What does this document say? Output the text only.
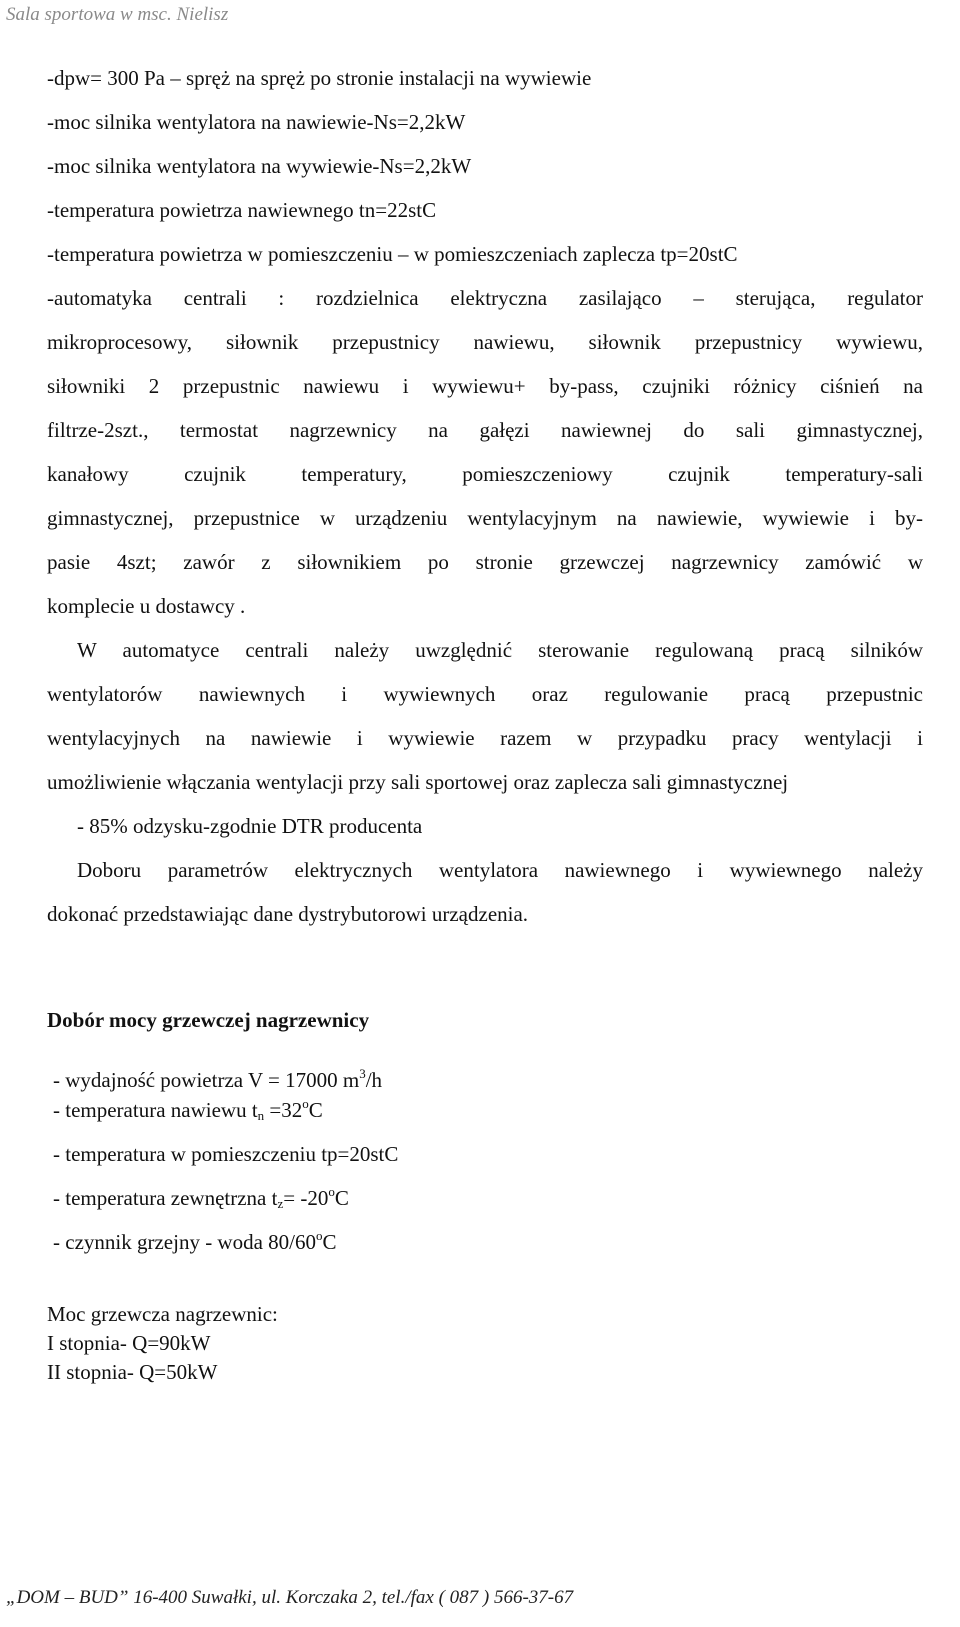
Sala sportowa w msc. Nielisz
-dpw= 300 Pa – spręż na spręż po stronie instalacji na wywiewie
-moc silnika wentylatora na nawiewie-Ns=2,2kW
-moc silnika wentylatora na wywiewie-Ns=2,2kW
-temperatura powietrza nawiewnego tn=22stC
-temperatura powietrza w pomieszczeniu – w pomieszczeniach zaplecza tp=20stC
-automatyka centrali : rozdzielnica elektryczna zasilająco – sterująca, regulator
mikroprocesowy, siłownik przepustnicy nawiewu, siłownik przepustnicy wywiewu,
siłowniki 2 przepustnic nawiewu i wywiewu+ by-pass, czujniki różnicy ciśnień na
filtrze-2szt., termostat nagrzewnicy na gałęzi nawiewnej do sali gimnastycznej,
kanałowy czujnik temperatury, pomieszczeniowy czujnik temperatury-sali
gimnastycznej, przepustnice w urządzeniu wentylacyjnym na nawiewie, wywiewie i by-
pasie 4szt; zawór z siłownikiem po stronie grzewczej nagrzewnicy zamówić w
komplecie u dostawcy .
W automatyce centrali należy uwzględnić sterowanie regulowaną pracą silników
wentylatorów nawiewnych i wywiewnych oraz regulowanie pracą przepustnic
wentylacyjnych na nawiewie i wywiewie razem w przypadku pracy wentylacji i
umożliwienie włączania wentylacji przy sali sportowej oraz zaplecza sali gimnastycznej
- 85% odzysku-zgodnie DTR producenta
Doboru parametrów elektrycznych wentylatora nawiewnego i wywiewnego należy
dokonać przedstawiając dane dystrybutorowi urządzenia.
Dobór mocy grzewczej nagrzewnicy
- wydajność powietrza V = 17000 $m^3/h$
- temperatura nawiewu $t_n =32^oC$
- temperatura w pomieszczeniu tp=20stC
- temperatura zewnętrzna $t_z= -20^oC$
- czynnik grzejny - woda 80/60$^o$C
Moc grzewcza nagrzewnic:
I stopnia- Q=90kW
II stopnia- Q=50kW
„DOM – BUD” 16-400 Suwałki, ul. Korczaka 2, tel./fax ( 087 ) 566-37-67
